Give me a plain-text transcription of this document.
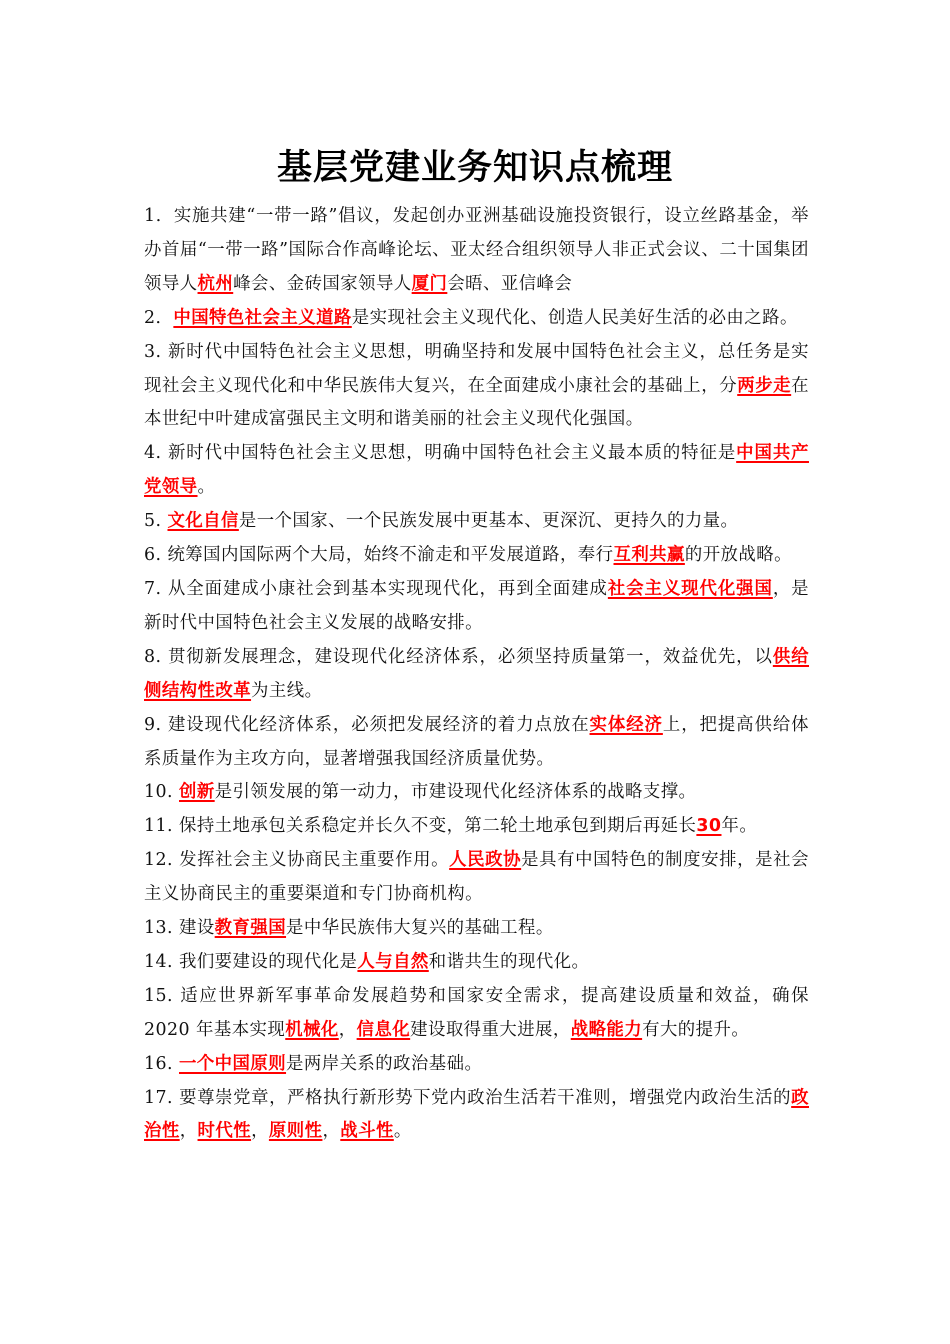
基层党建业务知识点梳理

1．实施共建“一带一路”倡议，发起创办亚洲基础设施投资银行，设立丝路基金，举办首届“一带一路”国际合作高峰论坛、亚太经合组织领导人非正式会议、二十国集团领导人杭州峰会、金砖国家领导人厦门会晤、亚信峰会

2．中国特色社会主义道路是实现社会主义现代化、创造人民美好生活的必由之路。

3. 新时代中国特色社会主义思想，明确坚持和发展中国特色社会主义，总任务是实现社会主义现代化和中华民族伟大复兴，在全面建成小康社会的基础上，分两步走在本世纪中叶建成富强民主文明和谐美丽的社会主义现代化强国。

4. 新时代中国特色社会主义思想，明确中国特色社会主义最本质的特征是中国共产党领导。

5. 文化自信是一个国家、一个民族发展中更基本、更深沉、更持久的力量。

6. 统筹国内国际两个大局，始终不渝走和平发展道路，奉行互利共赢的开放战略。

7. 从全面建成小康社会到基本实现现代化，再到全面建成社会主义现代化强国，是新时代中国特色社会主义发展的战略安排。

8. 贯彻新发展理念，建设现代化经济体系，必须坚持质量第一，效益优先，以供给侧结构性改革为主线。

9. 建设现代化经济体系，必须把发展经济的着力点放在实体经济上，把提高供给体系质量作为主攻方向，显著增强我国经济质量优势。

10. 创新是引领发展的第一动力，市建设现代化经济体系的战略支撑。

11. 保持土地承包关系稳定并长久不变，第二轮土地承包到期后再延长30年。

12. 发挥社会主义协商民主重要作用。人民政协是具有中国特色的制度安排，是社会主义协商民主的重要渠道和专门协商机构。

13. 建设教育强国是中华民族伟大复兴的基础工程。

14. 我们要建设的现代化是人与自然和谐共生的现代化。

15. 适应世界新军事革命发展趋势和国家安全需求，提高建设质量和效益，确保 2020 年基本实现机械化，信息化建设取得重大进展，战略能力有大的提升。

16. 一个中国原则是两岸关系的政治基础。

17. 要尊崇党章，严格执行新形势下党内政治生活若干准则，增强党内政治生活的政治性，时代性，原则性，战斗性。
